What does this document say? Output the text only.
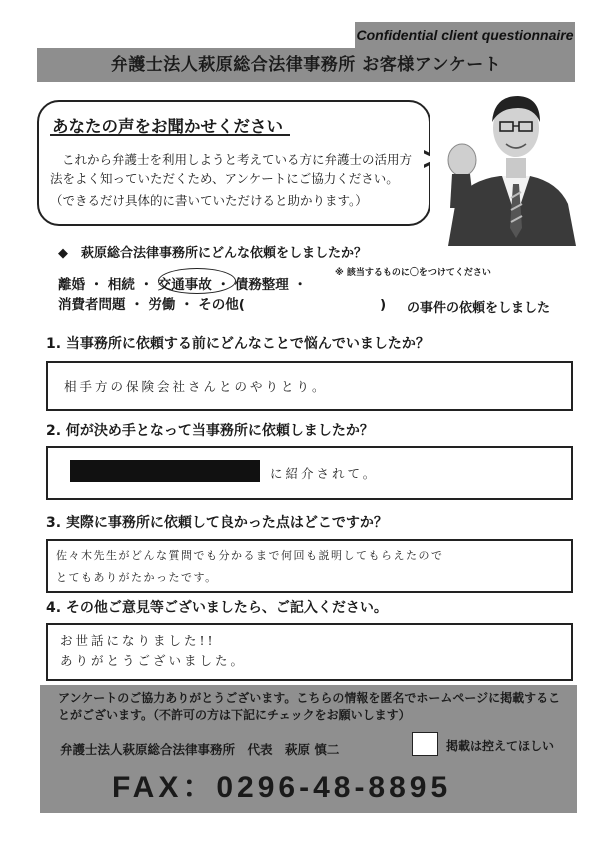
Confidential client questionnaire
弁護士法人萩原総合法律事務所 お客様アンケート
あなたの声をお聞かせください
これから弁護士を利用しようと考えている方に弁護士の活用方法をよく知っていただくため、アンケートにご協力ください。
（できるだけ具体的に書いていただけると助かります。）
◆　萩原総合法律事務所にどんな依頼をしましたか？
※ 該当するものに〇をつけてください
離婚 ・ 相続 ・ 交通事故 ・ 債務整理 ・
消費者問題 ・ 労働 ・ その他(　　　　　　　　　　) の事件の依頼をしました
1. 当事務所に依頼する前にどんなことで悩んでいましたか？
相手方の保険会社さんとのやりとり。
2. 何が決め手となって当事務所に依頼しましたか？
に紹介されて。
3. 実際に事務所に依頼して良かった点はどこですか？
佐々木先生がどんな質問でも分かるまで何回も説明してもらえたので
とてもありがたかったです。
4. その他ご意見等ございましたら、ご記入ください。
お世話になりました!!
ありがとうございました。
アンケートのご協力ありがとうございます。こちらの情報を匿名でホームページに掲載することがございます。（不許可の方は下記にチェックをお願いします）
弁護士法人萩原総合法律事務所　代表　萩原 慎二	掲載は控えてほしい
FAX：0296-48-8895
